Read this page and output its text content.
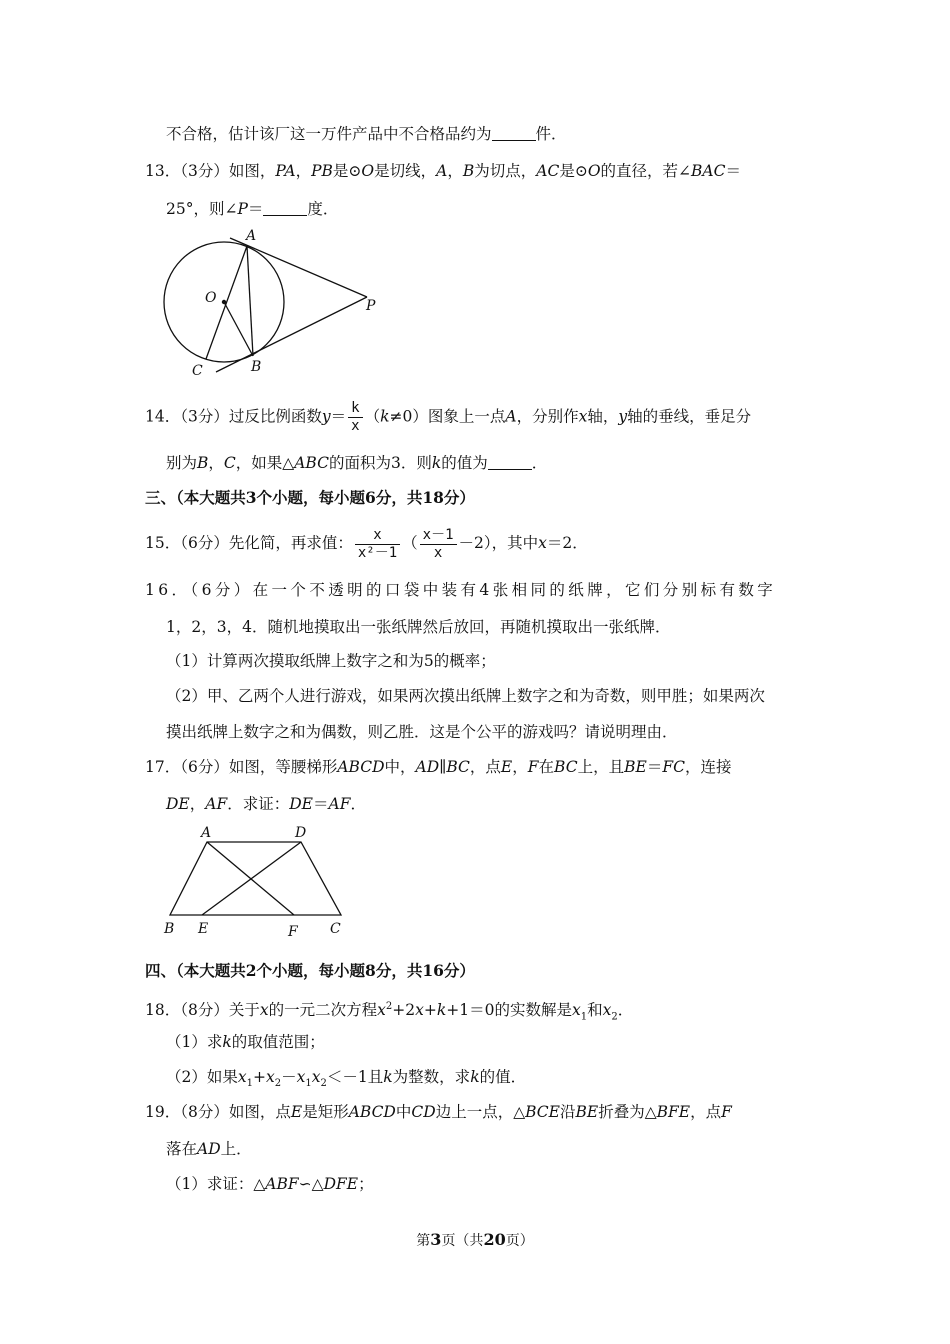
不合格，估计该厂这一万件产品中不合格品约为	件．
13．（3分）如图，PA，PB是⊙O是切线，A，B为切点，AC是⊙O的直径，若∠BAC＝
25°，则∠P＝	度．
A
O	P
C	B
14．（3分）过反比例函数$y= \frac{k}{x} (k\ne 0)$图象上一点A，分别作x轴，y轴的垂线，垂足分
别为B，C，如果△ABC的面积为3．则k的值为	．
三、（本大题共3个小题，每小题6分，共18分）
15．（6分）先化简，再求值： $\frac{x}{\text{x²－1}}$ （ $\frac{x-1}{x} -2$），其中x＝2．
16．（6分）在一个不透明的口袋中装有4张相同的纸牌，它们分别标有数字
1，2，3，4．随机地摸取出一张纸牌然后放回，再随机摸取出一张纸牌．
（1）计算两次摸取纸牌上数字之和为5的概率；
（2）甲、乙两个人进行游戏，如果两次摸出纸牌上数字之和为奇数，则甲胜；如果两次
摸出纸牌上数字之和为偶数，则乙胜．这是个公平的游戏吗？请说明理由．
17．（6分）如图，等腰梯形ABCD中，AD∥BC，点E，F在BC上，且BE＝FC，连接
DE，AF．求证：DE＝AF．
A	D
B E	F C
四、（本大题共2个小题，每小题8分，共16分）
18．（8分）关于x的一元二次方程$x^2+2x+k+1=0$的实数解是$x_1$和$x_2$．
（1）求k的取值范围；
（2）如果$x_1+x_2-x_1x_2<-1$且k为整数，求k的值．
19．（8分）如图，点E是矩形ABCD中CD边上一点，△BCE沿BE折叠为△BFE，点F
落在AD上．
（1）求证：△ABF∽△DFE；
第3页（共20页）
